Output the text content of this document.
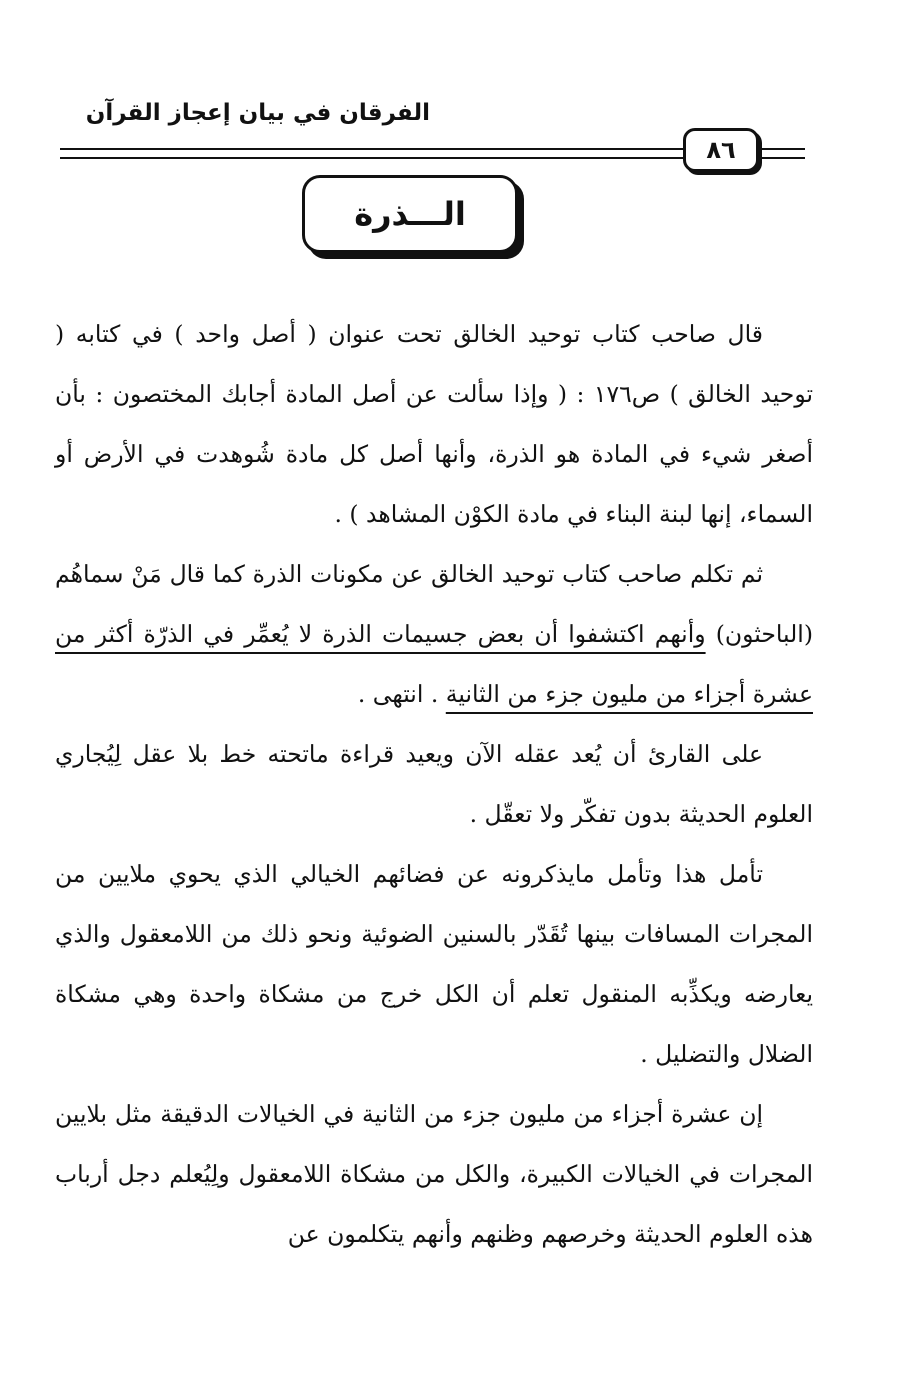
الفرقان في بيان إعجاز القرآن
٨٦
الـــذرة

قال صاحب كتاب توحيد الخالق تحت عنوان ( أصل واحد ) في كتابه ( توحيد الخالق ) ص١٧٦ : ( وإذا سألت عن أصل المادة أجابك المختصون : بأن أصغر شيء في المادة هو الذرة، وأنها أصل كل مادة شُوهدت في الأرض أو السماء، إنها لبنة البناء في مادة الكوْن المشاهد ) .

ثم تكلم صاحب كتاب توحيد الخالق عن مكونات الذرة كما قال مَنْ سماهُم (الباحثون) وأنهم اكتشفوا أن بعض جسيمات الذرة لا يُعمِّر في الذرّة أكثر من عشرة أجزاء من مليون جزء من الثانية . انتهى .

على القارئ أن يُعد عقله الآن ويعيد قراءة ماتحته خط بلا عقل لِيُجاري العلوم الحديثة بدون تفكّر ولا تعقّل .

تأمل هذا وتأمل مايذكرونه عن فضائهم الخيالي الذي يحوي ملايين من المجرات المسافات بينها تُقَدّر بالسنين الضوئية ونحو ذلك من اللامعقول والذي يعارضه ويكذِّبه المنقول تعلم أن الكل خرج من مشكاة واحدة وهي مشكاة الضلال والتضليل .

إن عشرة أجزاء من مليون جزء من الثانية في الخيالات الدقيقة مثل بلايين المجرات في الخيالات الكبيرة، والكل من مشكاة اللامعقول ولِيُعلم دجل أرباب هذه العلوم الحديثة وخرصهم وظنهم وأنهم يتكلمون عن
